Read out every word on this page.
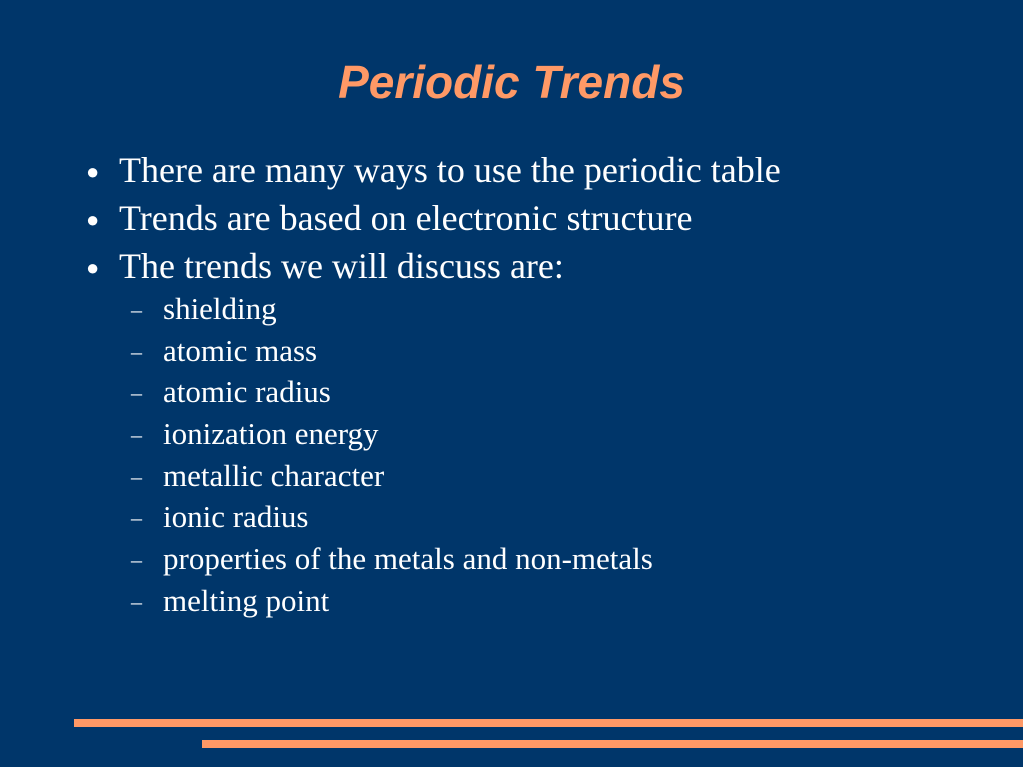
Periodic Trends
● There are many ways to use the periodic table
● Trends are based on electronic structure
● The trends we will discuss are:
– shielding
– atomic mass
– atomic radius
– ionization energy
– metallic character
– ionic radius
– properties of the metals and non-metals
– melting point
